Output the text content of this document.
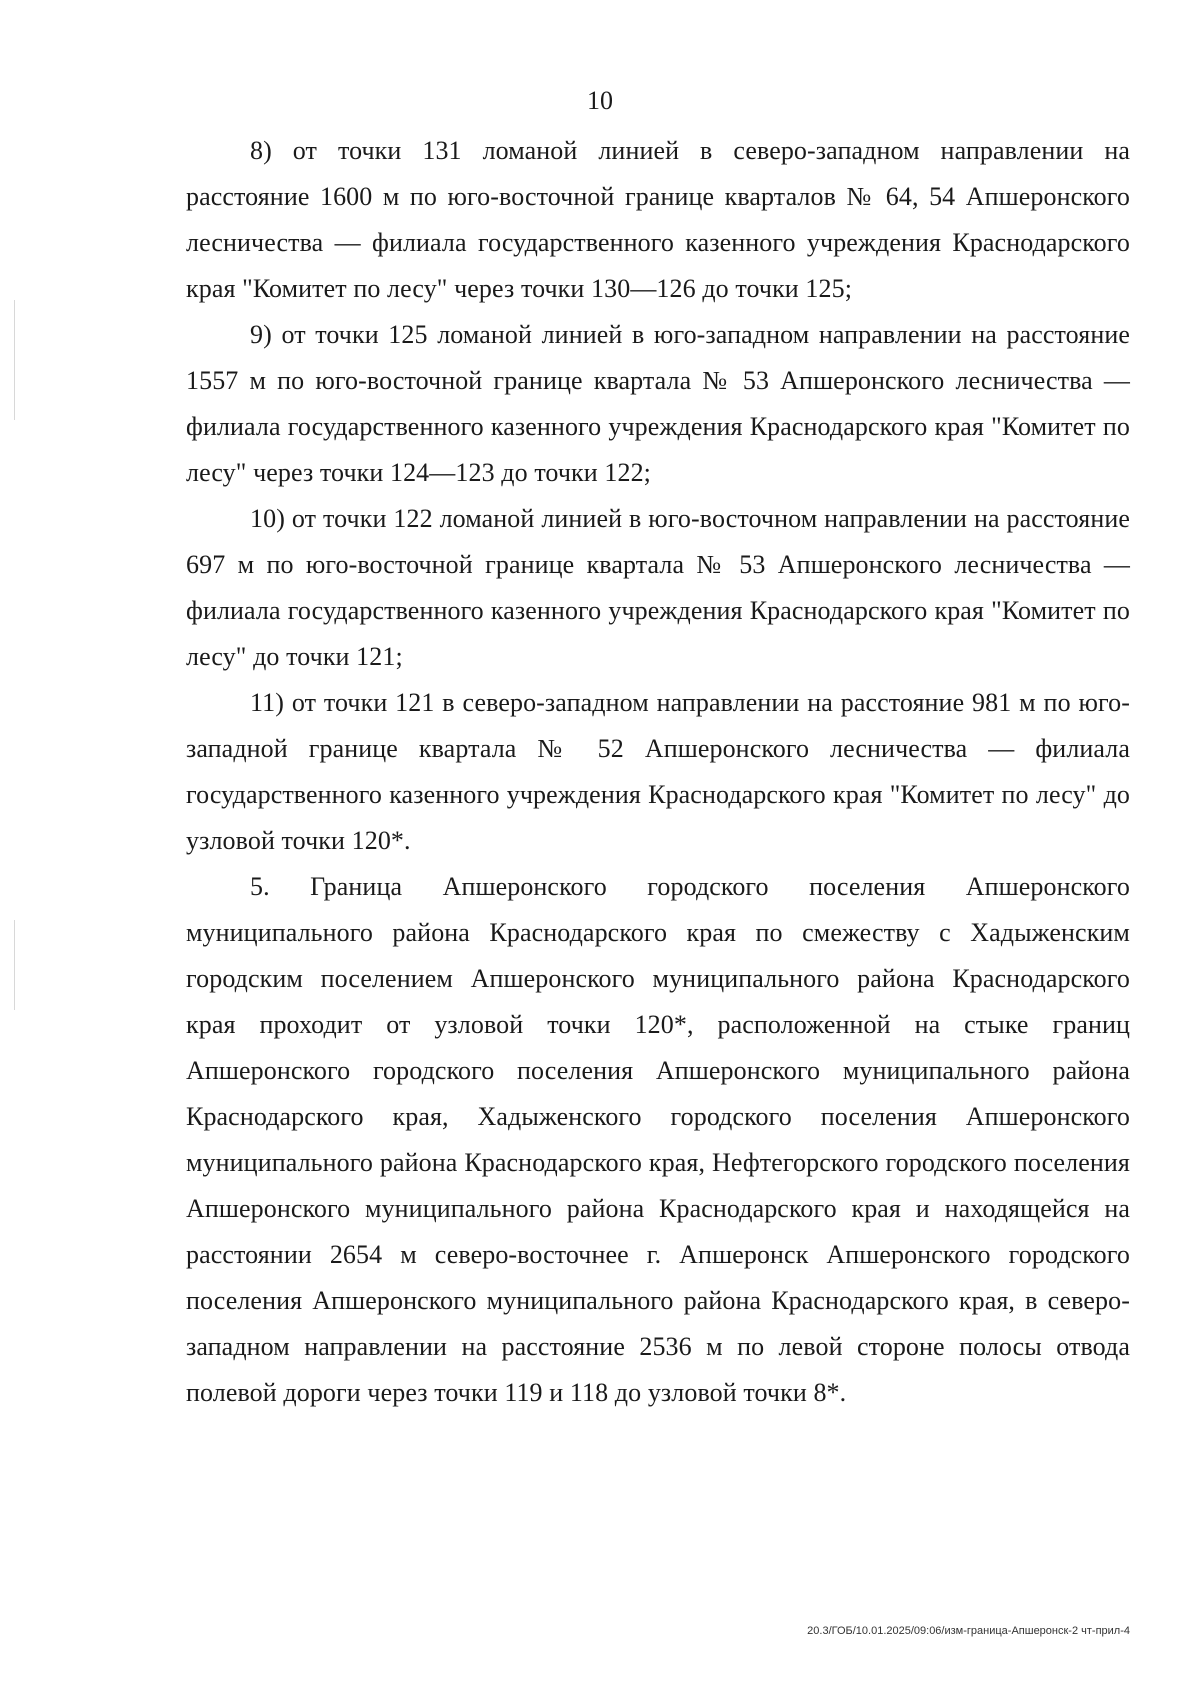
10

8) от точки 131 ломаной линией в северо-западном направлении на расстояние 1600 м по юго-восточной границе кварталов № 64, 54 Апшеронского лесничества — филиала государственного казенного учреждения Краснодарского края "Комитет по лесу" через точки 130—126 до точки 125;

9) от точки 125 ломаной линией в юго-западном направлении на расстояние 1557 м по юго-восточной границе квартала № 53 Апшеронского лесничества — филиала государственного казенного учреждения Краснодарского края "Комитет по лесу" через точки 124—123 до точки 122;

10) от точки 122 ломаной линией в юго-восточном направлении на расстояние 697 м по юго-восточной границе квартала № 53 Апшеронского лесничества — филиала государственного казенного учреждения Краснодарского края "Комитет по лесу" до точки 121;

11) от точки 121 в северо-западном направлении на расстояние 981 м по юго-западной границе квартала № 52 Апшеронского лесничества — филиала государственного казенного учреждения Краснодарского края "Комитет по лесу" до узловой точки 120*.

5. Граница Апшеронского городского поселения Апшеронского муниципального района Краснодарского края по смежеству с Хадыженским городским поселением Апшеронского муниципального района Краснодарского края проходит от узловой точки 120*, расположенной на стыке границ Апшеронского городского поселения Апшеронского муниципального района Краснодарского края, Хадыженского городского поселения Апшеронского муниципального района Краснодарского края, Нефтегорского городского поселения Апшеронского муниципального района Краснодарского края и находящейся на расстоянии 2654 м северо-восточнее г. Апшеронск Апшеронского городского поселения Апшеронского муниципального района Краснодарского края, в северо-западном направлении на расстояние 2536 м по левой стороне полосы отвода полевой дороги через точки 119 и 118 до узловой точки 8*.

20.3/ГОБ/10.01.2025/09:06/изм-граница-Апшеронск-2 чт-прил-4
